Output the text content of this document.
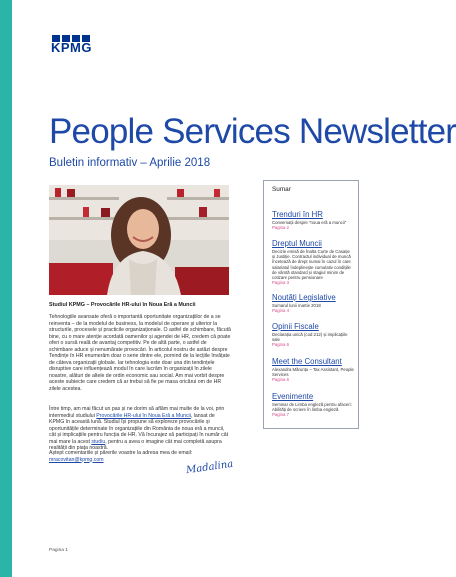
KPMG
People Services Newsletter
Buletin informativ – Aprilie 2018
Studiul KPMG – Provocările HR-ului în Noua Eră a Muncii

Tehnologiile avansate oferă o importantă oportunitate organizațiilor de a se reinventa – de la modelul de business, la modelul de operare și ulterior la structurile, procesele și practicile organizaționale. O astfel de schimbare, făcută bine, cu o mare atenție acordată oamenilor și agendei de HR, credem că poate oferi o sursă reală de avantaj competitiv. Pe de altă parte, o astfel de schimbare aduce și nenumărate provocări. În articolul nostru de astăzi despre Tendințe în HR enumerăm doar o serie dintre ele, pornind de la lecțiile învățate de câteva organizații globale. Iar tehnologia este doar una din tendințele disruptive care influențează modul în care lucrăm în organizații în zilele noastre, alături de altele de ordin economic sau social. Am mai vorbit despre aceste subiecte care credem că ar trebui să fie pe masa oricărui om de HR zilele acestea.

Între timp, am mai făcut un pas și ne dorim să aflăm mai multe de la voi, prin intermediul studiului Provocările HR-ului în Noua Eră a Muncii, lansat de KPMG în această lună. Studiul își propune să exploreze provocările și oportunitățile determinate în organizațiile din România de noua eră a muncii, cât și implicațiile pentru funcția de HR. Vă încurajez să participați în număr cât mai mare la acest studiu, pentru a avea o imagine cât mai completă asupra realității din piața noastră.

Aștept comentariile și părerile voastre la adresa mea de email:
mracovitan@kpmg.com	Madalina
Sumar
Trenduri în HR

Conversații despre "noua eră a muncii"

Pagina 2

Dreptul Muncii

Decizie emisă de Înalta Curte de Casație și Justiție. Contractul individual de muncă încetează de drept numai în cazul în care salariatul îndeplinește cumulativ condițiile de vârstă standard și stagiul minim de cotizare pentru pensionare

Pagina 3

Noutăți Legislative

Sumarul lunii martie 2018

Pagina 4

Opinii Fiscale

Declarația unică (cod 212) și implicațiile sale

Pagina 6

Meet the Consultant

Alexandra Mărunțu – Tax Assistant, People Services

Pagina 6

Evenimente

Seminar de Limba engleză pentru afaceri: Abilități de scriere în limba engleză

Pagina 7

Pagina 1
